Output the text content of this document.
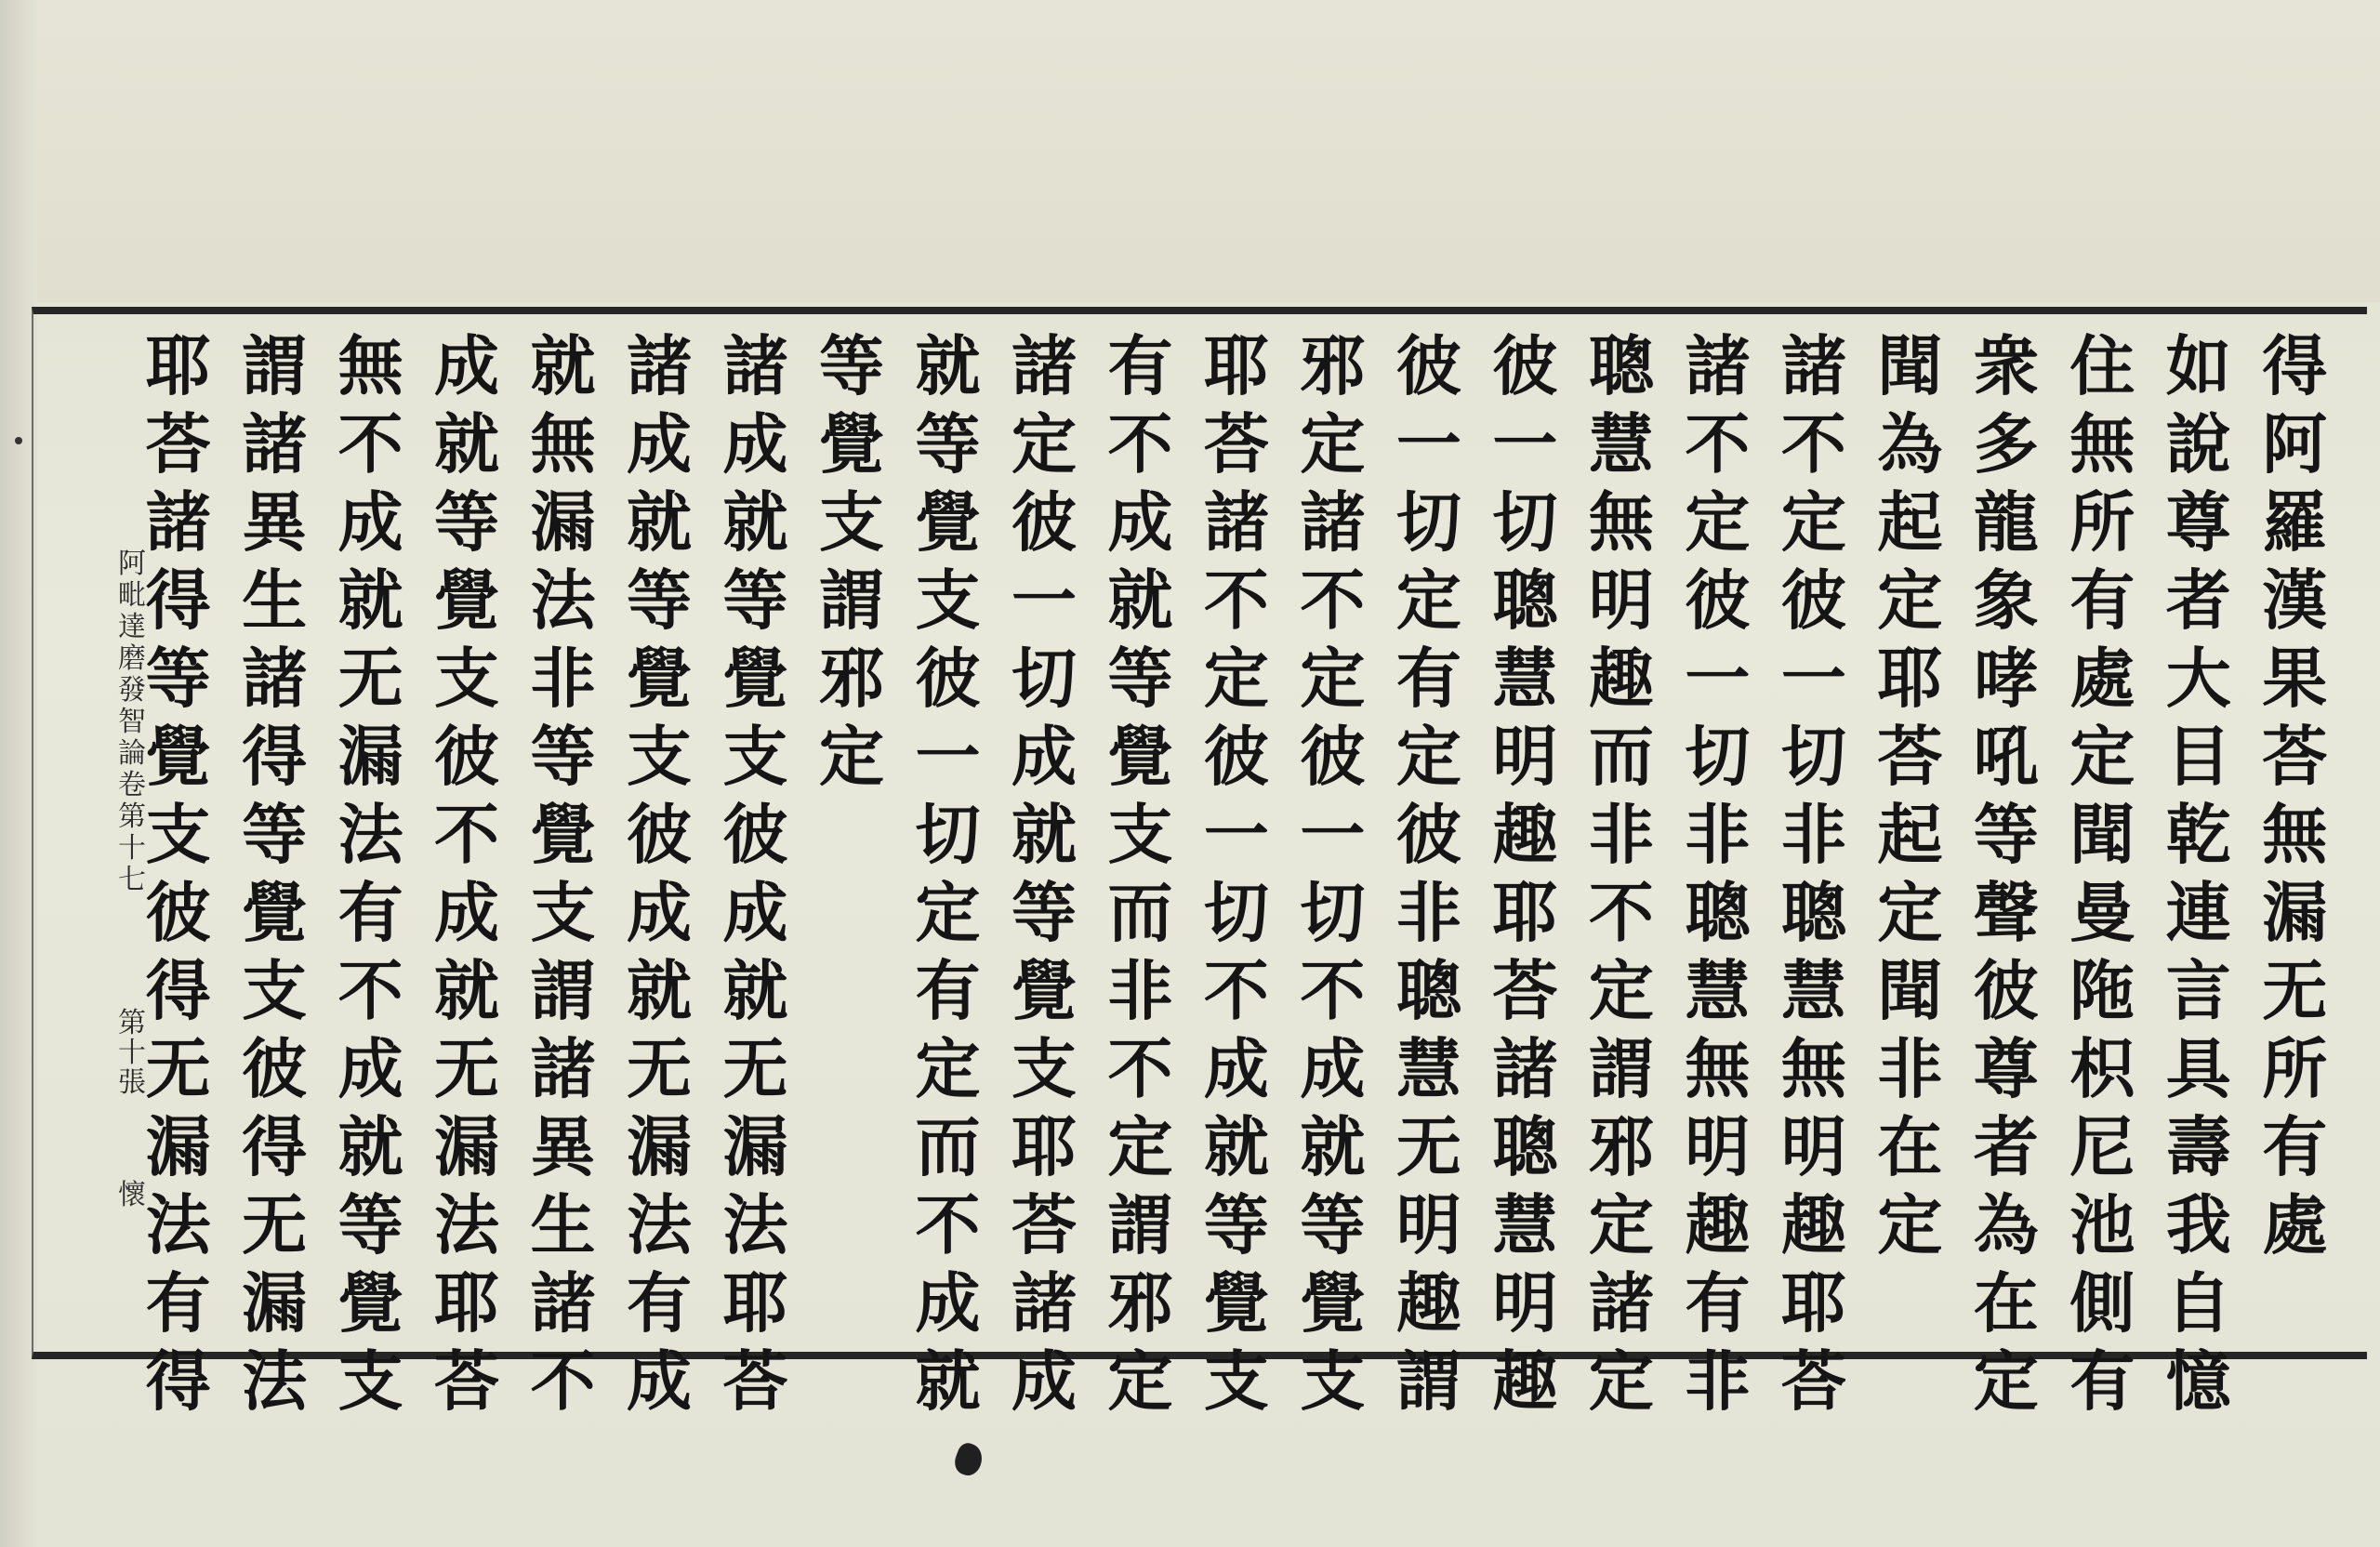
得
阿
羅
漢
果
荅
無
漏
无
所
有
處
如
說
尊
者
大
目
乾
連
言
具
壽
我
自
憶
住
無
所
有
處
定
聞
曼
陁
枳
尼
池
側
有
衆
多
龍
象
哮
吼
等
聲
彼
尊
者
為
在
定
聞
為
起
定
耶
荅
起
定
聞
非
在
定
諸
不
定
彼
一
切
非
聰
慧
無
明
趣
耶
荅
諸
不
定
彼
一
切
非
聰
慧
無
明
趣
有
非
聰
慧
無
明
趣
而
非
不
定
謂
邪
定
諸
定
彼
一
切
聰
慧
明
趣
耶
荅
諸
聰
慧
明
趣
彼
一
切
定
有
定
彼
非
聰
慧
无
明
趣
謂
邪
定
諸
不
定
彼
一
切
不
成
就
等
覺
支
耶
荅
諸
不
定
彼
一
切
不
成
就
等
覺
支
有
不
成
就
等
覺
支
而
非
不
定
謂
邪
定
諸
定
彼
一
切
成
就
等
覺
支
耶
荅
諸
成
就
等
覺
支
彼
一
切
定
有
定
而
不
成
就
等
覺
支
謂
邪
定
諸
成
就
等
覺
支
彼
成
就
无
漏
法
耶
荅
諸
成
就
等
覺
支
彼
成
就
无
漏
法
有
成
就
無
漏
法
非
等
覺
支
謂
諸
異
生
諸
不
成
就
等
覺
支
彼
不
成
就
无
漏
法
耶
荅
無
不
成
就
无
漏
法
有
不
成
就
等
覺
支
謂
諸
異
生
諸
得
等
覺
支
彼
得
无
漏
法
耶
荅
諸
得
等
覺
支
彼
得
无
漏
法
有
得
阿
毗
達
磨
發
智
論
卷
第
十
七
第
十
張
懷
